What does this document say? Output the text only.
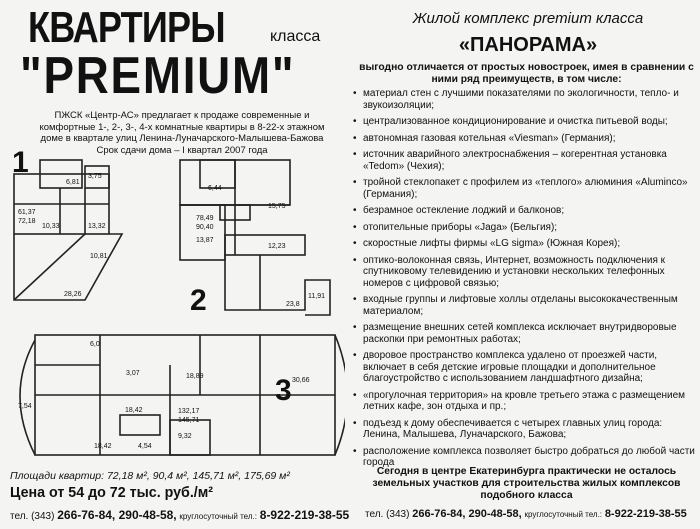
КВАРТИРЫ	класса
"PREMIUM"
ПЖСК «Центр-АС» предлагает к продаже современные и комфортные 1-, 2-, 3-, 4-х комнатные квартиры в 8-22-х этажном доме в квартале улиц Ленина-Луначарского-Малышева-Бажова Срок сдачи дома – I квартал 2007 года
61,37
72,18
6,81
3,75
10,33	13,32
10,81
28,26
78,49
90,40
6,44
15,75
13,87
12,23
11,91
23,8
132,17
145,71
6,0
3,07	18,89
18,42
30,66
7,54
18,42
9,32
4,54
1
2
3
Площади квартир: 72,18 м², 90,4 м², 145,71 м², 175,69 м²
Цена от 54 до 72 тыс. руб./м²
тел. (343) 266-76-84, 290-48-58, круглосуточный тел.: 8-922-219-38-55
Жилой комплекс premium класса
«ПАНОРАМА»
выгодно отличается от простых новостроек, имея в сравнении с ними ряд преимуществ, в том числе:
• материал стен с лучшими показателями по экологичности, тепло- и звукоизоляции;
• централизованное кондиционирование и очистка питьевой воды;
• автономная газовая котельная «Viesman» (Германия);
• источник аварийного электроснабжения – когерентная установка «Tedom» (Чехия);
• тройной стеклопакет с профилем из «теплого» алюминия «Aluminco» (Германия);
• безрамное остекление лоджий и балконов;
• отопительные приборы «Jaga» (Бельгия);
• скоростные лифты фирмы «LG sigma» (Южная Корея);
• оптико-волоконная связь, Интернет, возможность подключения к спутниковому телевидению и установки нескольких телефонных номеров с цифровой связью;
• входные группы и лифтовые холлы отделаны высококачественным материалом;
• размещение внешних сетей комплекса исключает внутридворовые раскопки при ремонтных работах;
• дворовое пространство комплекса удалено от проезжей части, включает в себя детские игровые площадки и дополнительное благоустройство с использованием ландшафтного дизайна;
• «прогулочная территория» на кровле третьего этажа с размещением летних кафе, зон отдыха и пр.;
• подъезд к дому обеспечивается с четырех главных улиц города: Ленина, Малышева, Луначарского, Бажова;
• расположение комплекса позволяет быстро добраться до любой части города
Сегодня в центре Екатеринбурга практически не осталось земельных участков для строительства жилых комплексов подобного класса
тел. (343) 266-76-84, 290-48-58, круглосуточный тел.: 8-922-219-38-55
